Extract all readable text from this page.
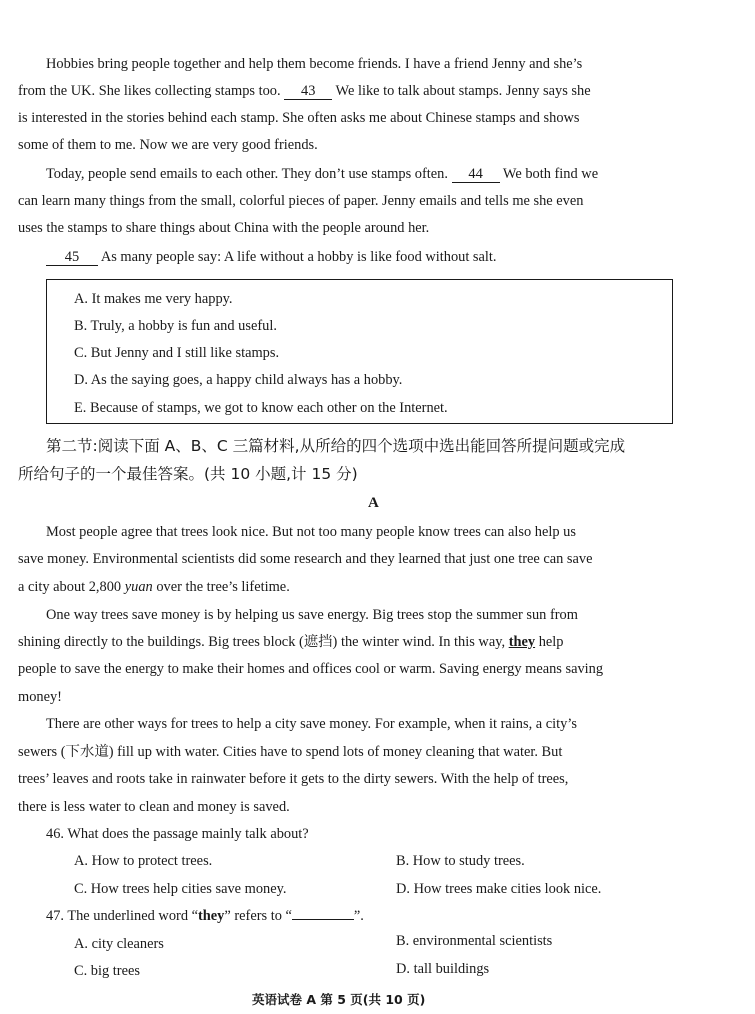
Hobbies bring people together and help them become friends. I have a friend Jenny and she’s

from the UK. She likes collecting stamps too. 43 We like to talk about stamps. Jenny says she

is interested in the stories behind each stamp. She often asks me about Chinese stamps and shows

some of them to me. Now we are very good friends.

Today, people send emails to each other. They don’t use stamps often. 44 We both find we

can learn many things from the small, colorful pieces of paper. Jenny emails and tells me she even

uses the stamps to share things about China with the people around her.

45 As many people say: A life without a hobby is like food without salt.

A. It makes me very happy.

B. Truly, a hobby is fun and useful.

C. But Jenny and I still like stamps.

D. As the saying goes, a happy child always has a hobby.

E. Because of stamps, we got to know each other on the Internet.

第二节:阅读下面 A、B、C 三篇材料,从所给的四个选项中选出能回答所提问题或完成

所给句子的一个最佳答案。(共 10 小题,计 15 分)

A

Most people agree that trees look nice. But not too many people know trees can also help us

save money. Environmental scientists did some research and they learned that just one tree can save

a city about 2,800 yuan over the tree’s lifetime.

One way trees save money is by helping us save energy. Big trees stop the summer sun from

shining directly to the buildings. Big trees block (遮挡) the winter wind. In this way, they help

people to save the energy to make their homes and offices cool or warm. Saving energy means saving

money!

There are other ways for trees to help a city save money. For example, when it rains, a city’s

sewers (下水道) fill up with water. Cities have to spend lots of money cleaning that water. But

trees’ leaves and roots take in rainwater before it gets to the dirty sewers. With the help of trees,

there is less water to clean and money is saved.

46. What does the passage mainly talk about?

A. How to protect trees.	B. How to study trees.

C. How trees help cities save money.	D. How trees make cities look nice.

47. The underlined word “they” refers to “	”.

A. city cleaners	B. environmental scientists

C. big trees	D. tall buildings

英语试卷 A 第 5 页(共 10 页)
